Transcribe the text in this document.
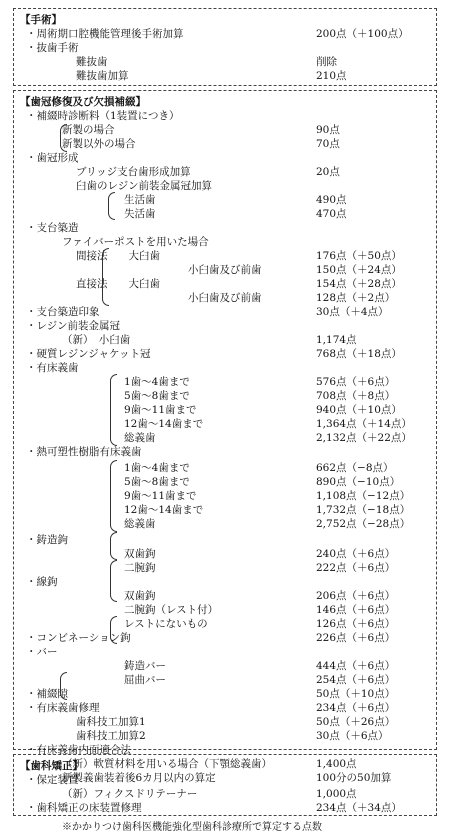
【手術】
・周術期口腔機能管理後手術加算	200点（＋100点）
・抜歯手術
難抜歯	削除
難抜歯加算	210点
【歯冠修復及び欠損補綴】
・補綴時診断料（1装置につき）
新製の場合	90点
新製以外の場合	70点
・歯冠形成
ブリッジ支台歯形成加算	20点
臼歯のレジン前装金属冠加算
生活歯	490点
失活歯	470点
・支台築造
ファイバーポストを用いた場合
間接法　　大臼歯	176点（＋50点）
小臼歯及び前歯	150点（＋24点）
直接法　　大臼歯	154点（＋28点）
小臼歯及び前歯	128点（＋2点）
・支台築造印象	30点（＋4点）
・レジン前装金属冠
（新）　小臼歯	1,174点
・硬質レジンジャケット冠	768点（＋18点）
・有床義歯
1歯〜4歯まで	576点（＋6点）
5歯〜8歯まで	708点（＋8点）
9歯〜11歯まで	940点（＋10点）
12歯〜14歯まで	1,364点（＋14点）
総義歯	2,132点（＋22点）
・熱可塑性樹脂有床義歯
1歯〜4歯まで	662点（−8点）
5歯〜8歯まで	890点（−10点）
9歯〜11歯まで	1,108点（−12点）
12歯〜14歯まで	1,732点（−18点）
総義歯	2,752点（−28点）
・鋳造鉤
双歯鉤	240点（＋6点）
二腕鉤	222点（＋6点）
・線鉤
双歯鉤	206点（＋6点）
二腕鉤（レスト付）	146点（＋6点）
レストにないもの	126点（＋6点）
・コンビネーション鉤	226点（＋6点）
・バー
鋳造バー	444点（＋6点）
屈曲バー	254点（＋6点）
・補綴隙	50点（＋10点）
・有床義歯修理	234点（＋6点）
歯科技工加算1	50点（＋26点）
歯科技工加算2	30点（＋6点）
・有床義歯内面適合法
（新）軟質材料を用いる場合（下顎総義歯）	1,400点
新製義歯装着後6カ月以内の算定	100分の50加算
【歯科矯正】
・保定装置
（新）フィクスドリテーナー	1,000点
・歯科矯正の床装置修理	234点（＋34点）
※かかりつけ歯科医機能強化型歯科診療所で算定する点数
